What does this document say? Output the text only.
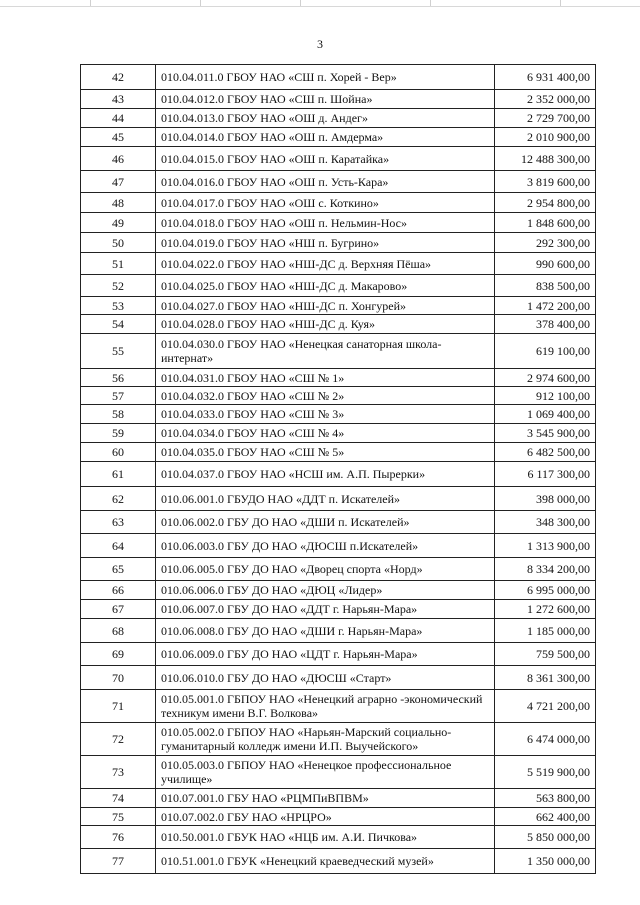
3
42	010.04.011.0 ГБОУ НАО «СШ п. Хорей - Вер»	6 931 400,00
43	010.04.012.0 ГБОУ НАО «СШ п. Шойна»	2 352 000,00
44	010.04.013.0 ГБОУ НАО «ОШ д. Андег»	2 729 700,00
45	010.04.014.0 ГБОУ НАО «ОШ п. Амдерма»	2 010 900,00
46	010.04.015.0 ГБОУ НАО «ОШ п. Каратайка»	12 488 300,00
47	010.04.016.0 ГБОУ НАО «ОШ п. Усть-Кара»	3 819 600,00
48	010.04.017.0 ГБОУ НАО «ОШ с. Коткино»	2 954 800,00
49	010.04.018.0 ГБОУ НАО «ОШ п. Нельмин-Нос»	1 848 600,00
50	010.04.019.0 ГБОУ НАО «НШ п. Бугрино»	292 300,00
51	010.04.022.0 ГБОУ НАО «НШ-ДС д. Верхняя Пёша»	990 600,00
52	010.04.025.0 ГБОУ НАО «НШ-ДС д. Макарово»	838 500,00
53	010.04.027.0 ГБОУ НАО «НШ-ДС п. Хонгурей»	1 472 200,00
54	010.04.028.0 ГБОУ НАО «НШ-ДС д. Куя»	378 400,00
55	010.04.030.0 ГБОУ НАО «Ненецкая санаторная школа-интернат»	619 100,00
56	010.04.031.0 ГБОУ НАО «СШ № 1»	2 974 600,00
57	010.04.032.0 ГБОУ НАО «СШ № 2»	912 100,00
58	010.04.033.0 ГБОУ НАО «СШ № 3»	1 069 400,00
59	010.04.034.0 ГБОУ НАО «СШ № 4»	3 545 900,00
60	010.04.035.0 ГБОУ НАО «СШ № 5»	6 482 500,00
61	010.04.037.0 ГБОУ НАО «НСШ им. А.П. Пырерки»	6 117 300,00
62	010.06.001.0 ГБУДО НАО «ДДТ п. Искателей»	398 000,00
63	010.06.002.0 ГБУ ДО НАО «ДШИ п. Искателей»	348 300,00
64	010.06.003.0 ГБУ ДО НАО «ДЮСШ п.Искателей»	1 313 900,00
65	010.06.005.0 ГБУ ДО НАО «Дворец спорта «Норд»	8 334 200,00
66	010.06.006.0 ГБУ ДО НАО «ДЮЦ «Лидер»	6 995 000,00
67	010.06.007.0 ГБУ ДО НАО «ДДТ г. Нарьян-Мара»	1 272 600,00
68	010.06.008.0 ГБУ ДО НАО «ДШИ г. Нарьян-Мара»	1 185 000,00
69	010.06.009.0 ГБУ ДО НАО «ЦДТ г. Нарьян-Мара»	759 500,00
70	010.06.010.0 ГБУ ДО НАО «ДЮСШ «Старт»	8 361 300,00
71	010.05.001.0 ГБПОУ НАО «Ненецкий аграрно -экономический техникум имени В.Г. Волкова»	4 721 200,00
72	010.05.002.0 ГБПОУ НАО «Нарьян-Марский социально-гуманитарный колледж имени И.П. Выучейского»	6 474 000,00
73	010.05.003.0 ГБПОУ НАО «Ненецкое профессиональное училище»	5 519 900,00
74	010.07.001.0 ГБУ НАО «РЦМПиВПВМ»	563 800,00
75	010.07.002.0 ГБУ НАО «НРЦРО»	662 400,00
76	010.50.001.0 ГБУК НАО «НЦБ им. А.И. Пичкова»	5 850 000,00
77	010.51.001.0 ГБУК «Ненецкий краеведческий музей»	1 350 000,00
